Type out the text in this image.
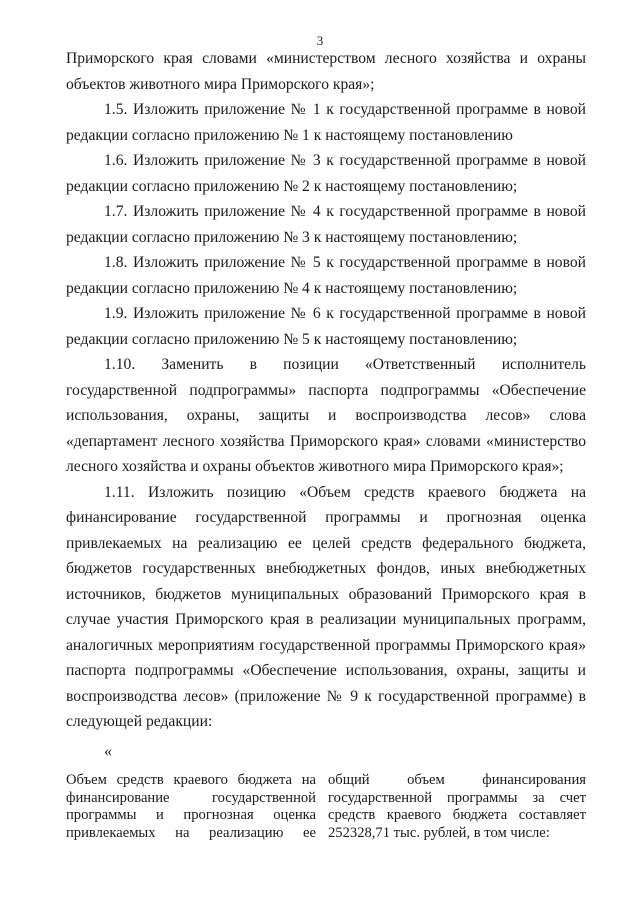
3

Приморского края словами «министерством лесного хозяйства и охраны объектов животного мира Приморского края»;

1.5. Изложить приложение № 1 к государственной программе в новой редакции согласно приложению № 1 к настоящему постановлению

1.6. Изложить приложение № 3 к государственной программе в новой редакции согласно приложению № 2 к настоящему постановлению;

1.7. Изложить приложение № 4 к государственной программе в новой редакции согласно приложению № 3 к настоящему постановлению;

1.8. Изложить приложение № 5 к государственной программе в новой редакции согласно приложению № 4 к настоящему постановлению;

1.9. Изложить приложение № 6 к государственной программе в новой редакции согласно приложению № 5 к настоящему постановлению;

1.10. Заменить в позиции «Ответственный исполнитель государственной подпрограммы» паспорта подпрограммы «Обеспечение использования, охраны, защиты и воспроизводства лесов» слова «департамент лесного хозяйства Приморского края» словами «министерство лесного хозяйства и охраны объектов животного мира Приморского края»;

1.11. Изложить позицию «Объем средств краевого бюджета на финансирование государственной программы и прогнозная оценка привлекаемых на реализацию ее целей средств федерального бюджета, бюджетов государственных внебюджетных фондов, иных внебюджетных источников, бюджетов муниципальных образований Приморского края в случае участия Приморского края в реализации муниципальных программ, аналогичных мероприятиям государственной программы Приморского края» паспорта подпрограммы «Обеспечение использования, охраны, защиты и воспроизводства лесов» (приложение № 9 к государственной программе) в следующей редакции:

«

Объем средств краевого бюджета на финансирование государственной программы и прогнозная оценка привлекаемых на реализацию ее

общий объем финансирования государственной программы за счет средств краевого бюджета составляет 252328,71 тыс. рублей, в том числе:
